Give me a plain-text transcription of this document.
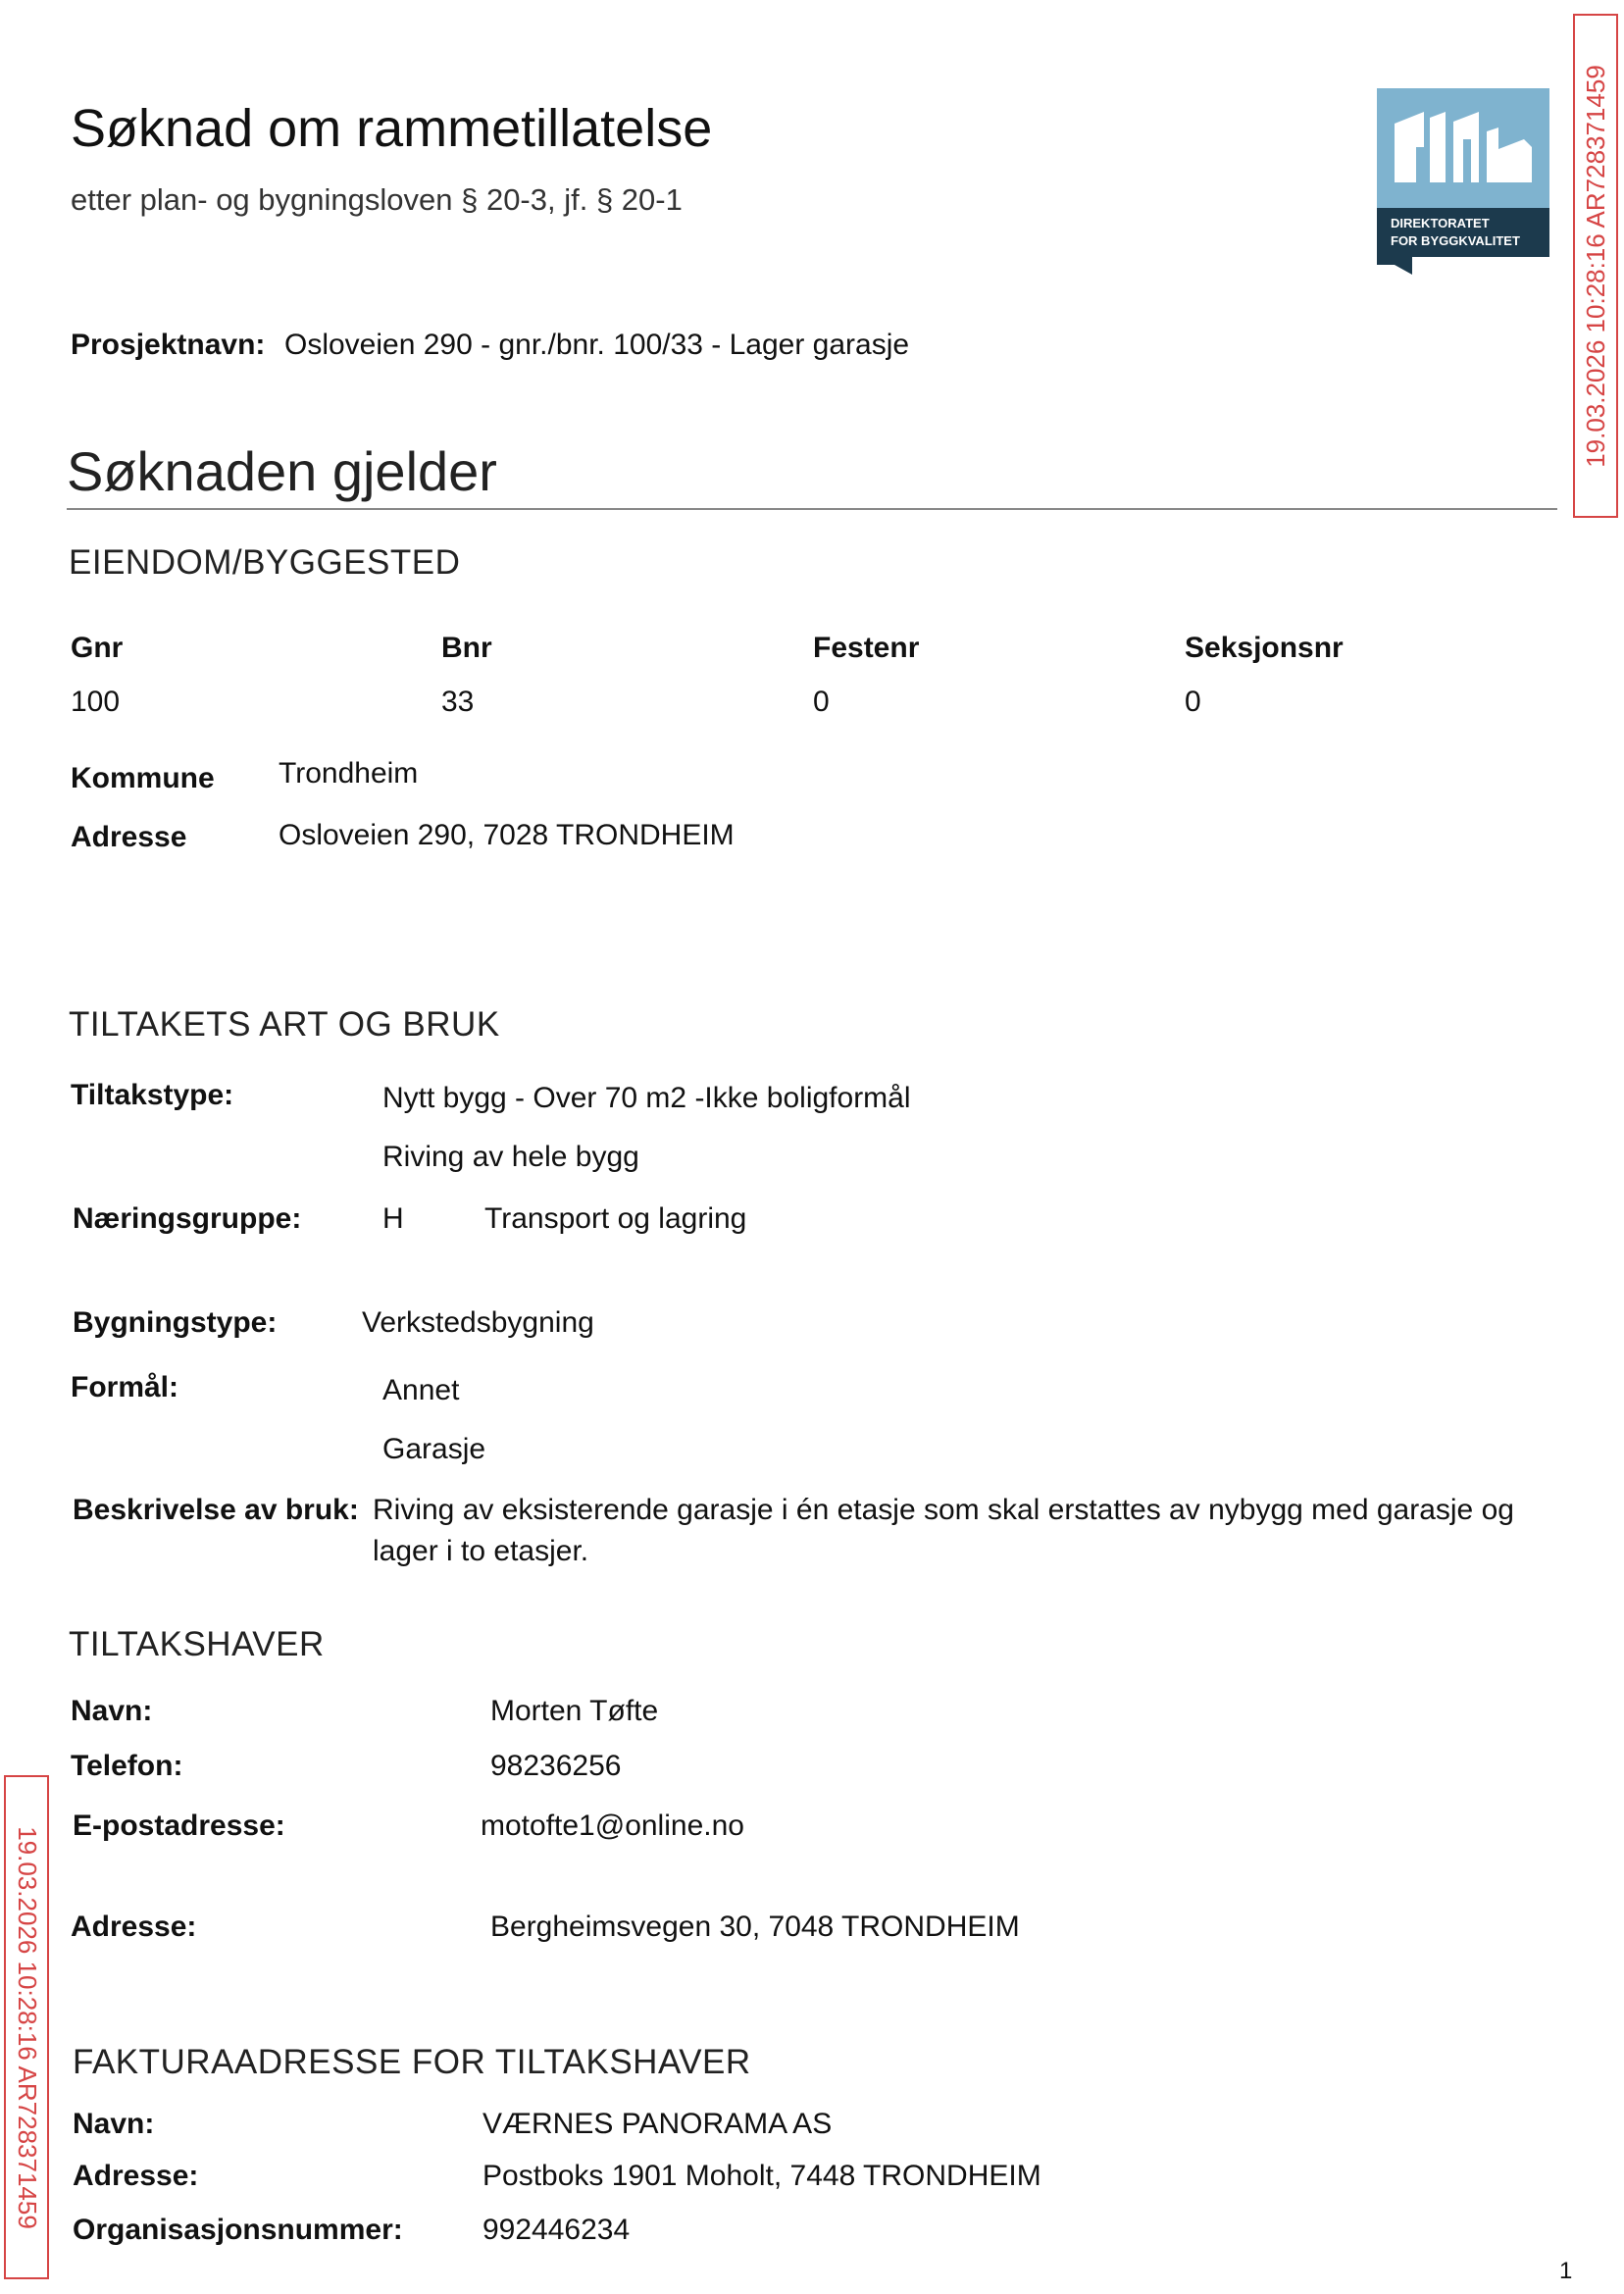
Søknad om rammetillatelse
etter plan- og bygningsloven § 20-3, jf. § 20-1
DIREKTORATET
FOR BYGGKVALITET 19.03.2026 10:28:16 AR728371459
19.03.2026 10:28:16 AR728371459
Prosjektnavn: Osloveien 290 - gnr./bnr. 100/33 - Lager garasje
Søknaden gjelder
EIENDOM/BYGGESTED
Gnr	Bnr	Festenr	Seksjonsnr
100	33	0	0
Kommune Trondheim
Adresse	Osloveien 290, 7028 TRONDHEIM
TILTAKETS ART OG BRUK
Tiltakstype:	Nytt bygg - Over 70 m2 -Ikke boligformål
Riving av hele bygg
Næringsgruppe:	H	Transport og lagring
Bygningstype:	Verkstedsbygning
Formål:	Annet
Garasje
Beskrivelse av bruk: Riving av eksisterende garasje i én etasje som skal erstattes av nybygg med garasje og
lager i to etasjer.
TILTAKSHAVER
Navn:	Morten Tøfte
Telefon:	98236256
E-postadresse:	motofte1@online.no
Adresse:	Bergheimsvegen 30, 7048 TRONDHEIM
FAKTURAADRESSE FOR TILTAKSHAVER
Navn:	VÆRNES PANORAMA AS
Adresse:	Postboks 1901 Moholt, 7448 TRONDHEIM
Organisasjonsnummer:	992446234
1
